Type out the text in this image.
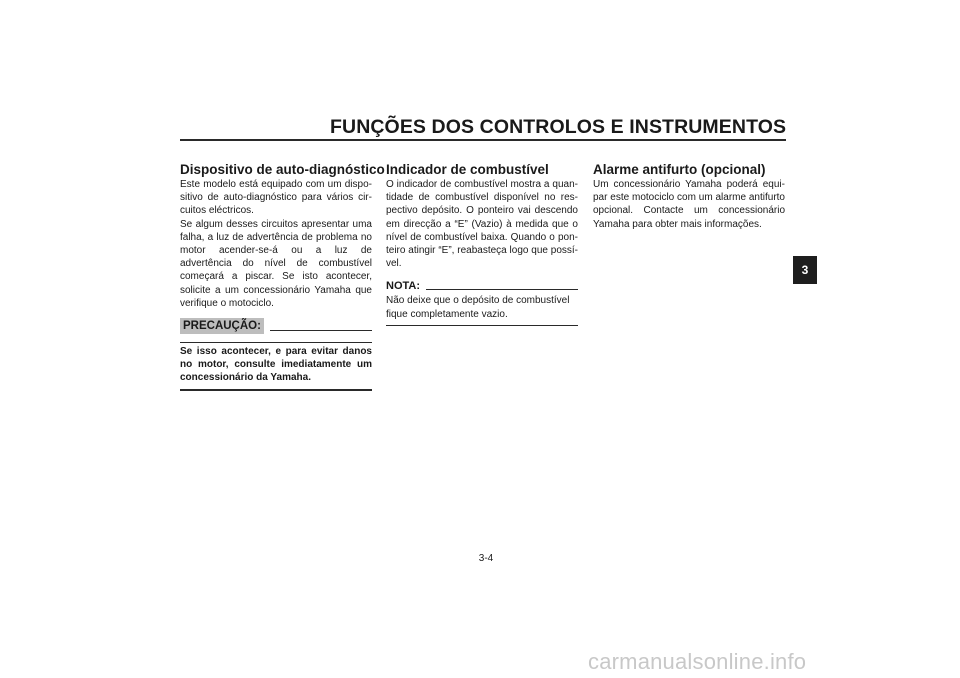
FUNÇÕES DOS CONTROLOS E INSTRUMENTOS
Dispositivo de auto-diagnóstico

Este modelo está equipado com um dispositivo de auto-diagnóstico para vários circuitos eléctricos.

Se algum desses circuitos apresentar uma falha, a luz de advertência de problema no motor acender-se-á ou a luz de advertência do nível de combustível começará a piscar. Se isto acontecer, solicite a um concessionário Yamaha que verifique o motociclo.

PRECAUÇÃO:

Se isso acontecer, e para evitar danos no motor, consulte imediatamente um concessionário da Yamaha.

Indicador de combustível

O indicador de combustível mostra a quantidade de combustível disponível no respectivo depósito. O ponteiro vai descendo em direcção a “E” (Vazio) à medida que o nível de combustível baixa. Quando o ponteiro atingir “E”, reabasteça logo que possível.

NOTA:

Não deixe que o depósito de combustível fique completamente vazio.

Alarme antifurto (opcional)

Um concessionário Yamaha poderá equipar este motociclo com um alarme antifurto opcional. Contacte um concessionário Yamaha para obter mais informações.

3
3-4
carmanualsonline.info
